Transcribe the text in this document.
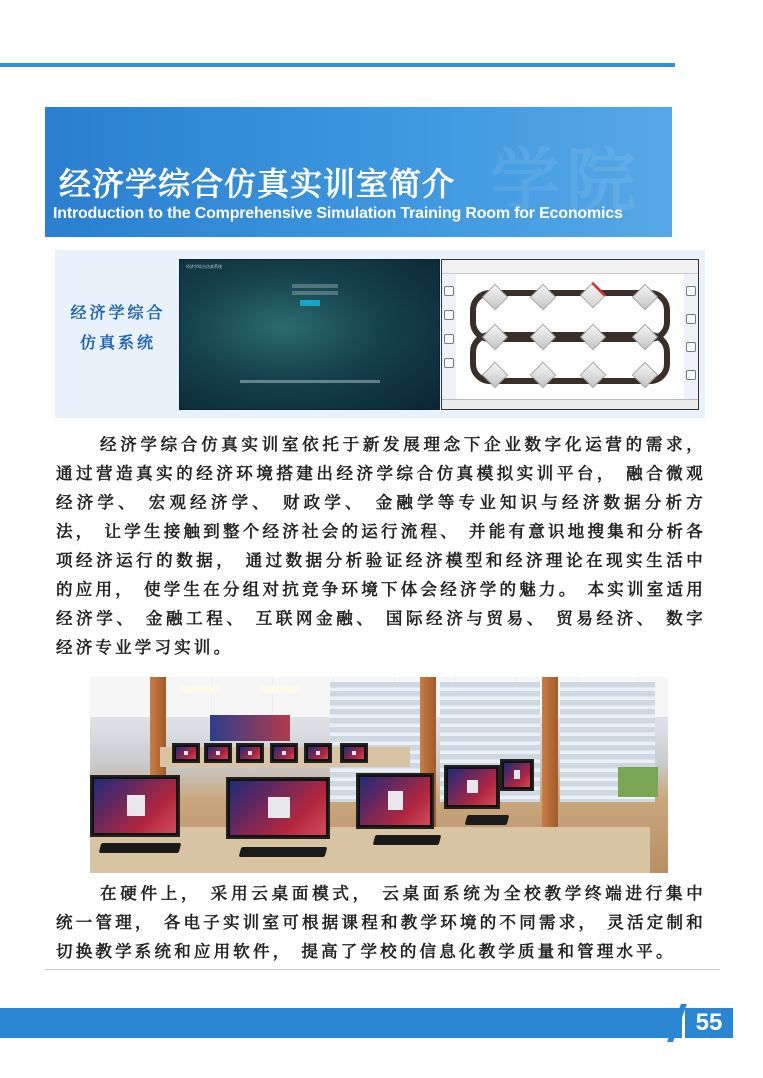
学院
经济学综合仿真实训室简介
Introduction to the Comprehensive Simulation Training Room for Economics
经济学综合
仿真系统
经济学综合仿真系统
经济学综合仿真实训室依托于新发展理念下企业数字化运营的需求， 通过营造真实的经济环境搭建出经济学综合仿真模拟实训平台， 融合微观经济学、 宏观经济学、 财政学、 金融学等专业知识与经济数据分析方法， 让学生接触到整个经济社会的运行流程、 并能有意识地搜集和分析各项经济运行的数据， 通过数据分析验证经济模型和经济理论在现实生活中的应用， 使学生在分组对抗竞争环境下体会经济学的魅力。 本实训室适用经济学、 金融工程、 互联网金融、 国际经济与贸易、 贸易经济、 数字经济专业学习实训。
在硬件上， 采用云桌面模式， 云桌面系统为全校教学终端进行集中统一管理， 各电子实训室可根据课程和教学环境的不同需求， 灵活定制和切换教学系统和应用软件， 提高了学校的信息化教学质量和管理水平。
55
